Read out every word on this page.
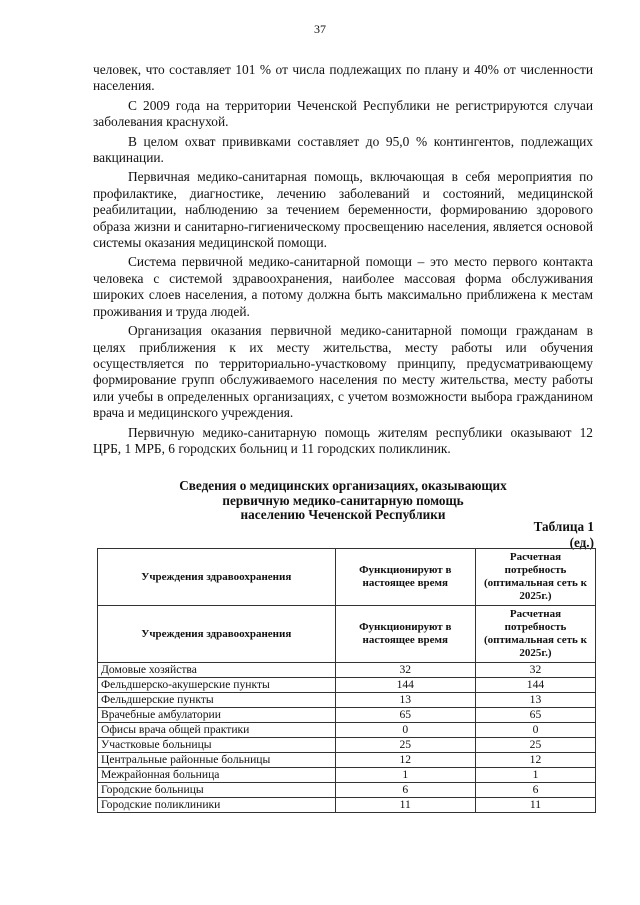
37

человек, что составляет 101 % от числа подлежащих по плану и 40% от численности населения.

С 2009 года на территории Чеченской Республики не регистрируются случаи заболевания краснухой.

В целом охват прививками составляет до 95,0 % контингентов, подлежащих вакцинации.

Первичная медико-санитарная помощь, включающая в себя мероприятия по профилактике, диагностике, лечению заболеваний и состояний, медицинской реабилитации, наблюдению за течением беременности, формированию здорового образа жизни и санитарно-гигиеническому просвещению населения, является основой системы оказания медицинской помощи.

Система первичной медико-санитарной помощи – это место первого контакта человека с системой здравоохранения, наиболее массовая форма обслуживания широких слоев населения, а потому должна быть максимально приближена к местам проживания и труда людей.

Организация оказания первичной медико-санитарной помощи гражданам в целях приближения к их месту жительства, месту работы или обучения осуществляется по территориально-участковому принципу, предусматривающему формирование групп обслуживаемого населения по месту жительства, месту работы или учебы в определенных организациях, с учетом возможности выбора гражданином врача и медицинского учреждения.

Первичную медико-санитарную помощь жителям республики оказывают 12 ЦРБ, 1 МРБ, 6 городских больниц и 11 городских поликлиник.

Сведения о медицинских организациях, оказывающих
первичную медико-санитарную помощь
населению Чеченской Республики
Таблица 1
(ед.)
Учреждения здравоохранения	Функционируют в настоящее время	Расчетная потребность (оптимальная сеть к 2025г.)
Учреждения здравоохранения	Функционируют в настоящее время	Расчетная потребность (оптимальная сеть к 2025г.)
Домовые хозяйства	32	32
Фельдшерско-акушерские пункты	144	144
Фельдшерские пункты	13	13
Врачебные амбулатории	65	65
Офисы врача общей практики	0	0
Участковые больницы	25	25
Центральные районные больницы	12	12
Межрайонная больница	1	1
Городские больницы	6	6
Городские поликлиники	11	11
